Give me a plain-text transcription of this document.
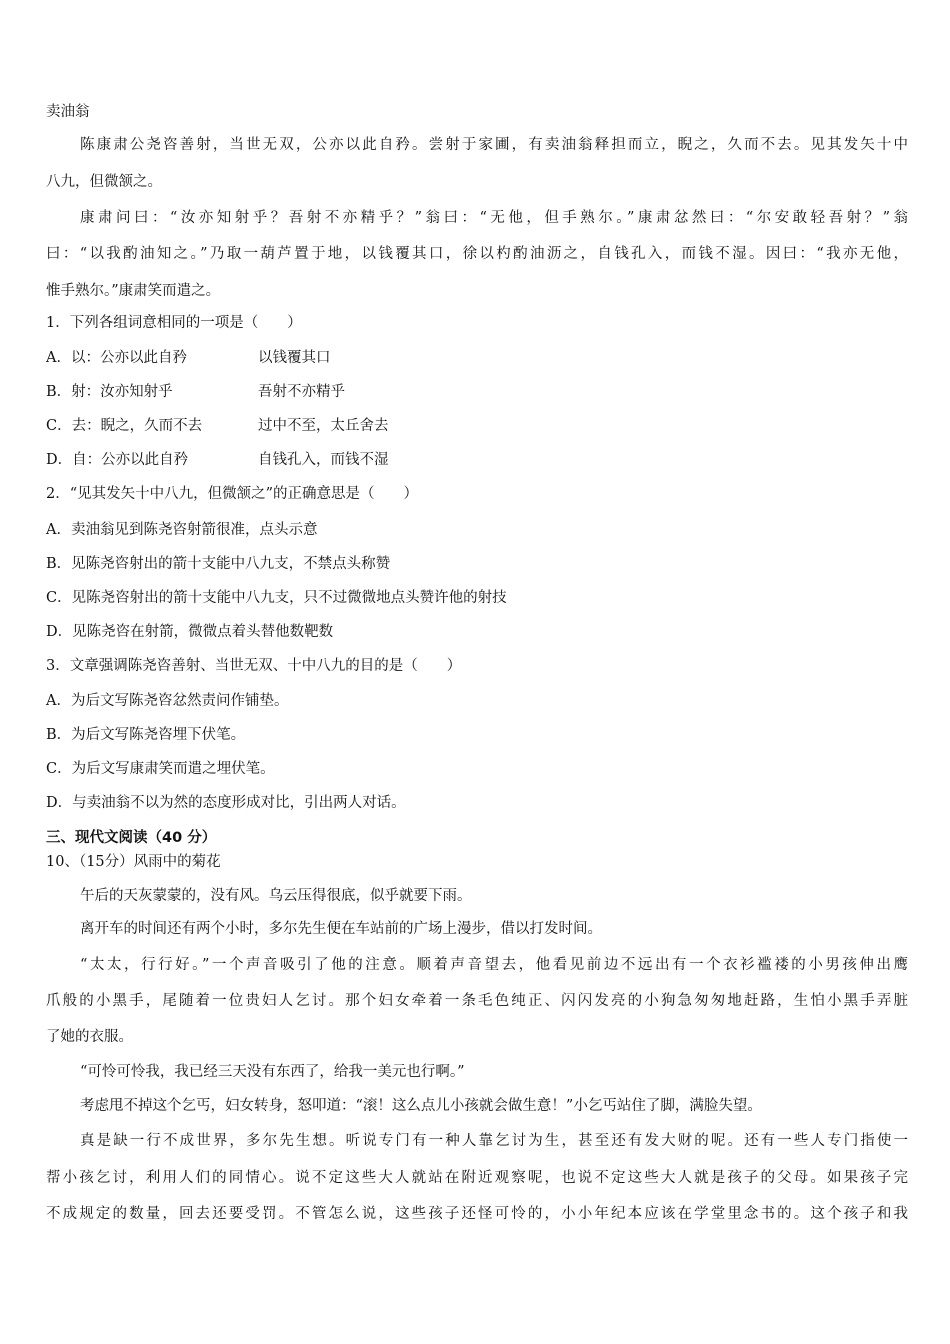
卖油翁
陈康肃公尧咨善射，当世无双，公亦以此自矜。尝射于家圃，有卖油翁释担而立，睨之，久而不去。见其发矢十中
八九，但微颔之。
康肃问曰：“汝亦知射乎？吾射不亦精乎？”翁曰：“无他，但手熟尔。”康肃忿然曰：“尔安敢轻吾射？”翁
曰：“以我酌油知之。”乃取一葫芦置于地，以钱覆其口，徐以杓酌油沥之，自钱孔入，而钱不湿。因曰：“我亦无他，
惟手熟尔。”康肃笑而遣之。
1．下列各组词意相同的一项是（　　）
A．以：公亦以此自矜	以钱覆其口
B．射：汝亦知射乎	吾射不亦精乎
C．去：睨之，久而不去	过中不至，太丘舍去
D．自：公亦以此自矜	自钱孔入，而钱不湿
2．“见其发矢十中八九，但微颔之”的正确意思是（　　）
A．卖油翁见到陈尧咨射箭很准，点头示意
B．见陈尧咨射出的箭十支能中八九支，不禁点头称赞
C．见陈尧咨射出的箭十支能中八九支，只不过微微地点头赞许他的射技
D．见陈尧咨在射箭，微微点着头替他数靶数
3．文章强调陈尧咨善射、当世无双、十中八九的目的是（　　）
A．为后文写陈尧咨忿然责问作铺垫。
B．为后文写陈尧咨埋下伏笔。
C．为后文写康肃笑而遣之埋伏笔。
D．与卖油翁不以为然的态度形成对比，引出两人对话。
三、现代文阅读（40 分）
10、（15分）风雨中的菊花
午后的天灰蒙蒙的，没有风。乌云压得很底，似乎就要下雨。
离开车的时间还有两个小时，多尔先生便在车站前的广场上漫步，借以打发时间。
“太太，行行好。”一个声音吸引了他的注意。顺着声音望去，他看见前边不远出有一个衣衫褴褛的小男孩伸出鹰
爪般的小黑手，尾随着一位贵妇人乞讨。那个妇女牵着一条毛色纯正、闪闪发亮的小狗急匆匆地赶路，生怕小黑手弄脏
了她的衣服。
“可怜可怜我，我已经三天没有东西了，给我一美元也行啊。”
考虑甩不掉这个乞丐，妇女转身，怒叩道：“滚！这么点儿小孩就会做生意！”小乞丐站住了脚，满脸失望。
真是缺一行不成世界，多尔先生想。听说专门有一种人靠乞讨为生，甚至还有发大财的呢。还有一些人专门指使一
帮小孩乞讨，利用人们的同情心。说不定这些大人就站在附近观察呢，也说不定这些大人就是孩子的父母。如果孩子完
不成规定的数量，回去还要受罚。不管怎么说，这些孩子还怪可怜的，小小年纪本应该在学堂里念书的。这个孩子和我
